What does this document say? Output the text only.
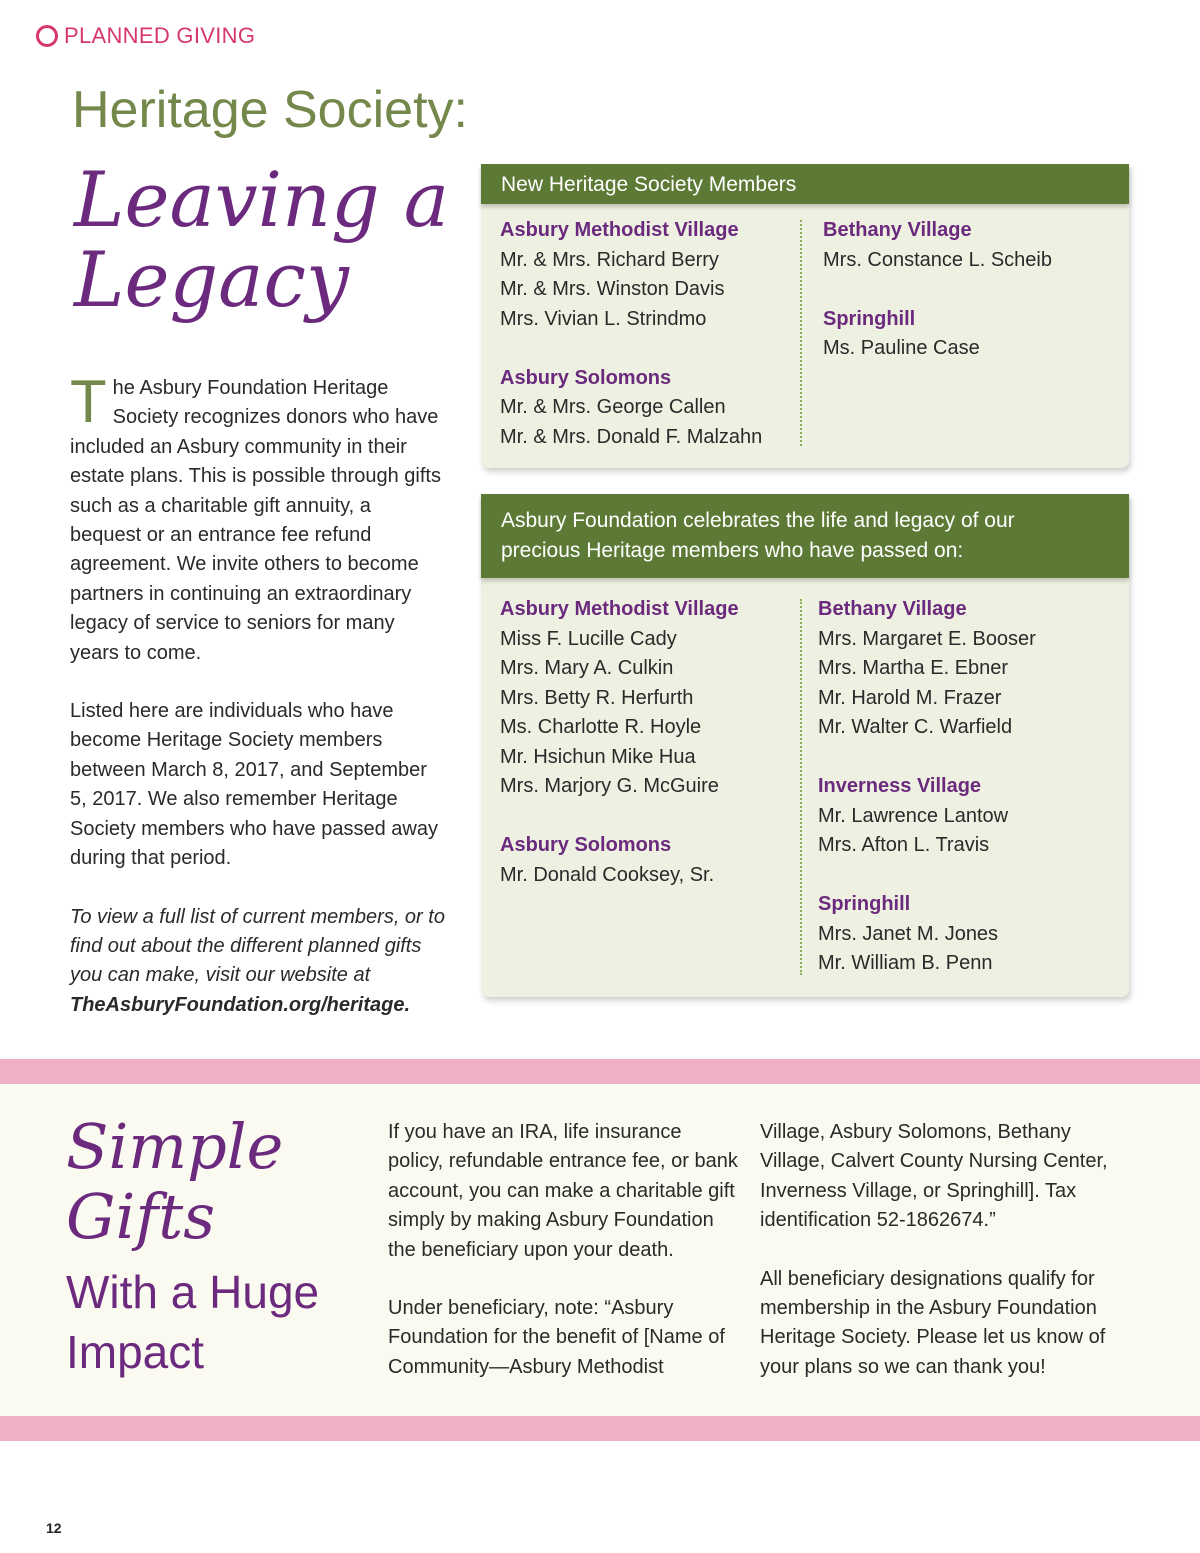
PLANNED GIVING
Heritage Society:
Leaving a Legacy

The Asbury Foundation Heritage Society recognizes donors who have included an Asbury community in their estate plans. This is possible through gifts such as a charitable gift annuity, a bequest or an entrance fee refund agreement. We invite others to become partners in continuing an extraordinary legacy of service to seniors for many years to come.

Listed here are individuals who have become Heritage Society members between March 8, 2017, and September 5, 2017. We also remember Heritage Society members who have passed away during that period.

To view a full list of current members, or to find out about the different planned gifts you can make, visit our website at TheAsburyFoundation.org/heritage.

New Heritage Society Members
Asbury Methodist Village
Mr. & Mrs. Richard Berry
Mr. & Mrs. Winston Davis
Mrs. Vivian L. Strindmo
Asbury Solomons
Mr. & Mrs. George Callen
Mr. & Mrs. Donald F. Malzahn
Bethany Village
Mrs. Constance L. Scheib
Springhill
Ms. Pauline Case
Asbury Foundation celebrates the life and legacy of our
precious Heritage members who have passed on:
Asbury Methodist Village
Miss F. Lucille Cady
Mrs. Mary A. Culkin
Mrs. Betty R. Herfurth
Ms. Charlotte R. Hoyle
Mr. Hsichun Mike Hua
Mrs. Marjory G. McGuire
Asbury Solomons
Mr. Donald Cooksey, Sr.
Bethany Village
Mrs. Margaret E. Booser
Mrs. Martha E. Ebner
Mr. Harold M. Frazer
Mr. Walter C. Warfield
Inverness Village
Mr. Lawrence Lantow
Mrs. Afton L. Travis
Springhill
Mrs. Janet M. Jones
Mr. William B. Penn
Simple Gifts
With a Huge Impact

If you have an IRA, life insurance policy, refundable entrance fee, or bank account, you can make a charitable gift simply by making Asbury Foundation the beneficiary upon your death.

Under beneficiary, note: “Asbury Foundation for the benefit of [Name of Community—Asbury Methodist

Village, Asbury Solomons, Bethany Village, Calvert County Nursing Center, Inverness Village, or Springhill]. Tax identification 52-1862674.”

All beneficiary designations qualify for membership in the Asbury Foundation Heritage Society. Please let us know of your plans so we can thank you!

12
